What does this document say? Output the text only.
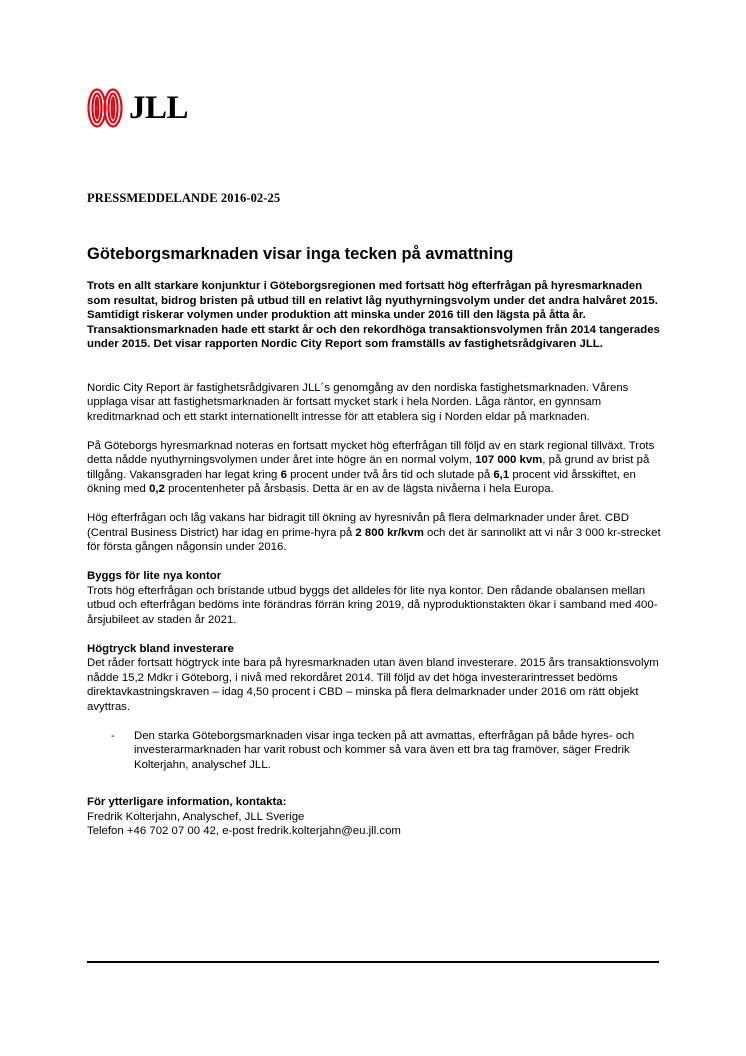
JLL
PRESSMEDDELANDE 2016-02-25
Göteborgsmarknaden visar inga tecken på avmattning

Trots en allt starkare konjunktur i Göteborgsregionen med fortsatt hög efterfrågan på hyresmarknaden som resultat, bidrog bristen på utbud till en relativt låg nyuthyrningsvolym under det andra halvåret 2015. Samtidigt riskerar volymen under produktion att minska under 2016 till den lägsta på åtta år. Transaktionsmarknaden hade ett starkt år och den rekordhöga transaktionsvolymen från 2014 tangerades under 2015. Det visar rapporten Nordic City Report som framställs av fastighetsrådgivaren JLL.

Nordic City Report är fastighetsrådgivaren JLL´s genomgång av den nordiska fastighetsmarknaden. Vårens upplaga visar att fastighetsmarknaden är fortsatt mycket stark i hela Norden. Låga räntor, en gynnsam kreditmarknad och ett starkt internationellt intresse för att etablera sig i Norden eldar på marknaden.

På Göteborgs hyresmarknad noteras en fortsatt mycket hög efterfrågan till följd av en stark regional tillväxt. Trots detta nådde nyuthyrningsvolymen under året inte högre än en normal volym, 107 000 kvm, på grund av brist på tillgång. Vakansgraden har legat kring 6 procent under två års tid och slutade på 6,1 procent vid årsskiftet, en ökning med 0,2 procentenheter på årsbasis. Detta är en av de lägsta nivåerna i hela Europa.

Hög efterfrågan och låg vakans har bidragit till ökning av hyresnivån på flera delmarknader under året. CBD (Central Business District) har idag en prime-hyra på 2 800 kr/kvm och det är sannolikt att vi når 3 000 kr-strecket för första gången någonsin under 2016.

Byggs för lite nya kontor

Trots hög efterfrågan och bristande utbud byggs det alldeles för lite nya kontor. Den rådande obalansen mellan utbud och efterfrågan bedöms inte förändras förrän kring 2019, då nyproduktionstakten ökar i samband med 400-årsjubileet av staden år 2021.

Högtryck bland investerare

Det råder fortsatt högtryck inte bara på hyresmarknaden utan även bland investerare. 2015 års transaktionsvolym nådde 15,2 Mdkr i Göteborg, i nivå med rekordåret 2014. Till följd av det höga investerarintresset bedöms direktavkastningskraven – idag 4,50 procent i CBD – minska på flera delmarknader under 2016 om rätt objekt avyttras.

- Den starka Göteborgsmarknaden visar inga tecken på att avmattas, efterfrågan på både hyres- och investerarmarknaden har varit robust och kommer så vara även ett bra tag framöver, säger Fredrik Kolterjahn, analyschef JLL.

För ytterligare information, kontakta:

Fredrik Kolterjahn, Analyschef, JLL Sverige

Telefon +46 702 07 00 42, e-post fredrik.kolterjahn@eu.jll.com
